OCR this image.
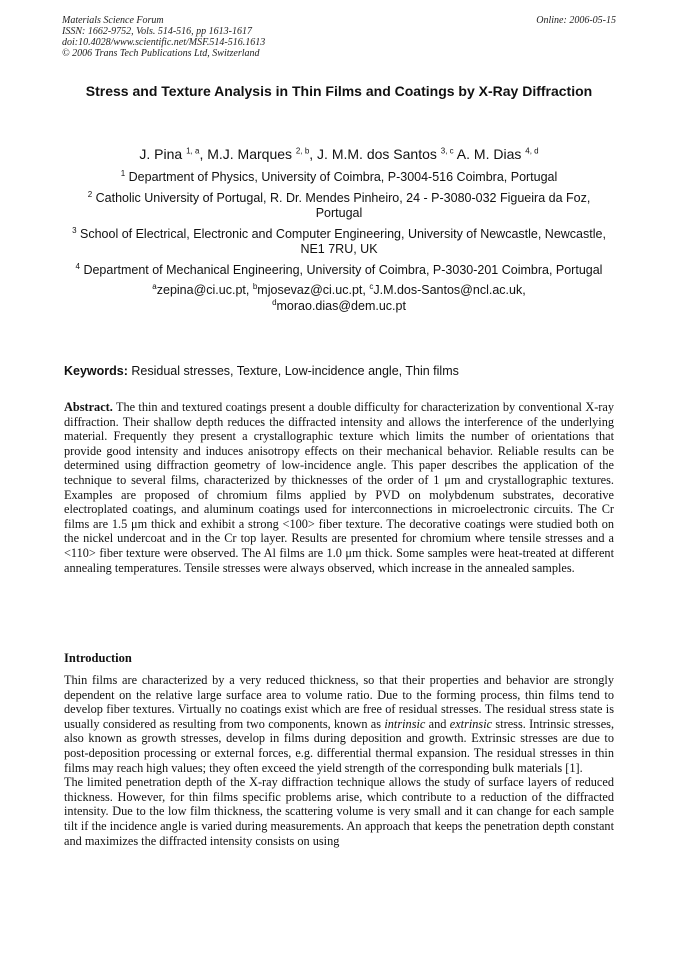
Materials Science Forum
ISSN: 1662-9752, Vols. 514-516, pp 1613-1617
doi:10.4028/www.scientific.net/MSF.514-516.1613
© 2006 Trans Tech Publications Ltd, Switzerland
Online: 2006-05-15
Stress and Texture Analysis in Thin Films and Coatings by X-Ray Diffraction
J. Pina $^{1, a}$, M.J. Marques $^{2, b}$, J. M.M. dos Santos $^{3, c}$ A. M. Dias $^{4, d}$

$^1$ Department of Physics, University of Coimbra, P-3004-516 Coimbra, Portugal

$^2$ Catholic University of Portugal, R. Dr. Mendes Pinheiro, 24 - P-3080-032 Figueira da Foz, Portugal

$^3$ School of Electrical, Electronic and Computer Engineering, University of Newcastle, Newcastle, NE1 7RU, UK

$^4$ Department of Mechanical Engineering, University of Coimbra, P-3030-201 Coimbra, Portugal

$^a$zepina@ci.uc.pt, $^b$mjosevaz@ci.uc.pt, $^c$J.M.dos-Santos@ncl.ac.uk,
$^d$morao.dias@dem.uc.pt

Keywords: Residual stresses, Texture, Low-incidence angle, Thin films

Abstract. The thin and textured coatings present a double difficulty for characterization by conventional X-ray diffraction. Their shallow depth reduces the diffracted intensity and allows the interference of the underlying material. Frequently they present a crystallographic texture which limits the number of orientations that provide good intensity and induces anisotropy effects on their mechanical behavior. Reliable results can be determined using diffraction geometry of low-incidence angle. This paper describes the application of the technique to several films, characterized by thicknesses of the order of 1 μm and crystallographic textures. Examples are proposed of chromium films applied by PVD on molybdenum substrates, decorative electroplated coatings, and aluminum coatings used for interconnections in microelectronic circuits. The Cr films are 1.5 μm thick and exhibit a strong <100> fiber texture. The decorative coatings were studied both on the nickel undercoat and in the Cr top layer. Results are presented for chromium where tensile stresses and a <110> fiber texture were observed. The Al films are 1.0 μm thick. Some samples were heat-treated at different annealing temperatures. Tensile stresses were always observed, which increase in the annealed samples.

Introduction

Thin films are characterized by a very reduced thickness, so that their properties and behavior are strongly dependent on the relative large surface area to volume ratio. Due to the forming process, thin films tend to develop fiber textures. Virtually no coatings exist which are free of residual stresses. The residual stress state is usually considered as resulting from two components, known as intrinsic and extrinsic stress. Intrinsic stresses, also known as growth stresses, develop in films during deposition and growth. Extrinsic stresses are due to post-deposition processing or external forces, e.g. differential thermal expansion. The residual stresses in thin films may reach high values; they often exceed the yield strength of the corresponding bulk materials [1].

The limited penetration depth of the X-ray diffraction technique allows the study of surface layers of reduced thickness. However, for thin films specific problems arise, which contribute to a reduction of the diffracted intensity. Due to the low film thickness, the scattering volume is very small and it can change for each sample tilt if the incidence angle is varied during measurements. An approach that keeps the penetration depth constant and maximizes the diffracted intensity consists on using
